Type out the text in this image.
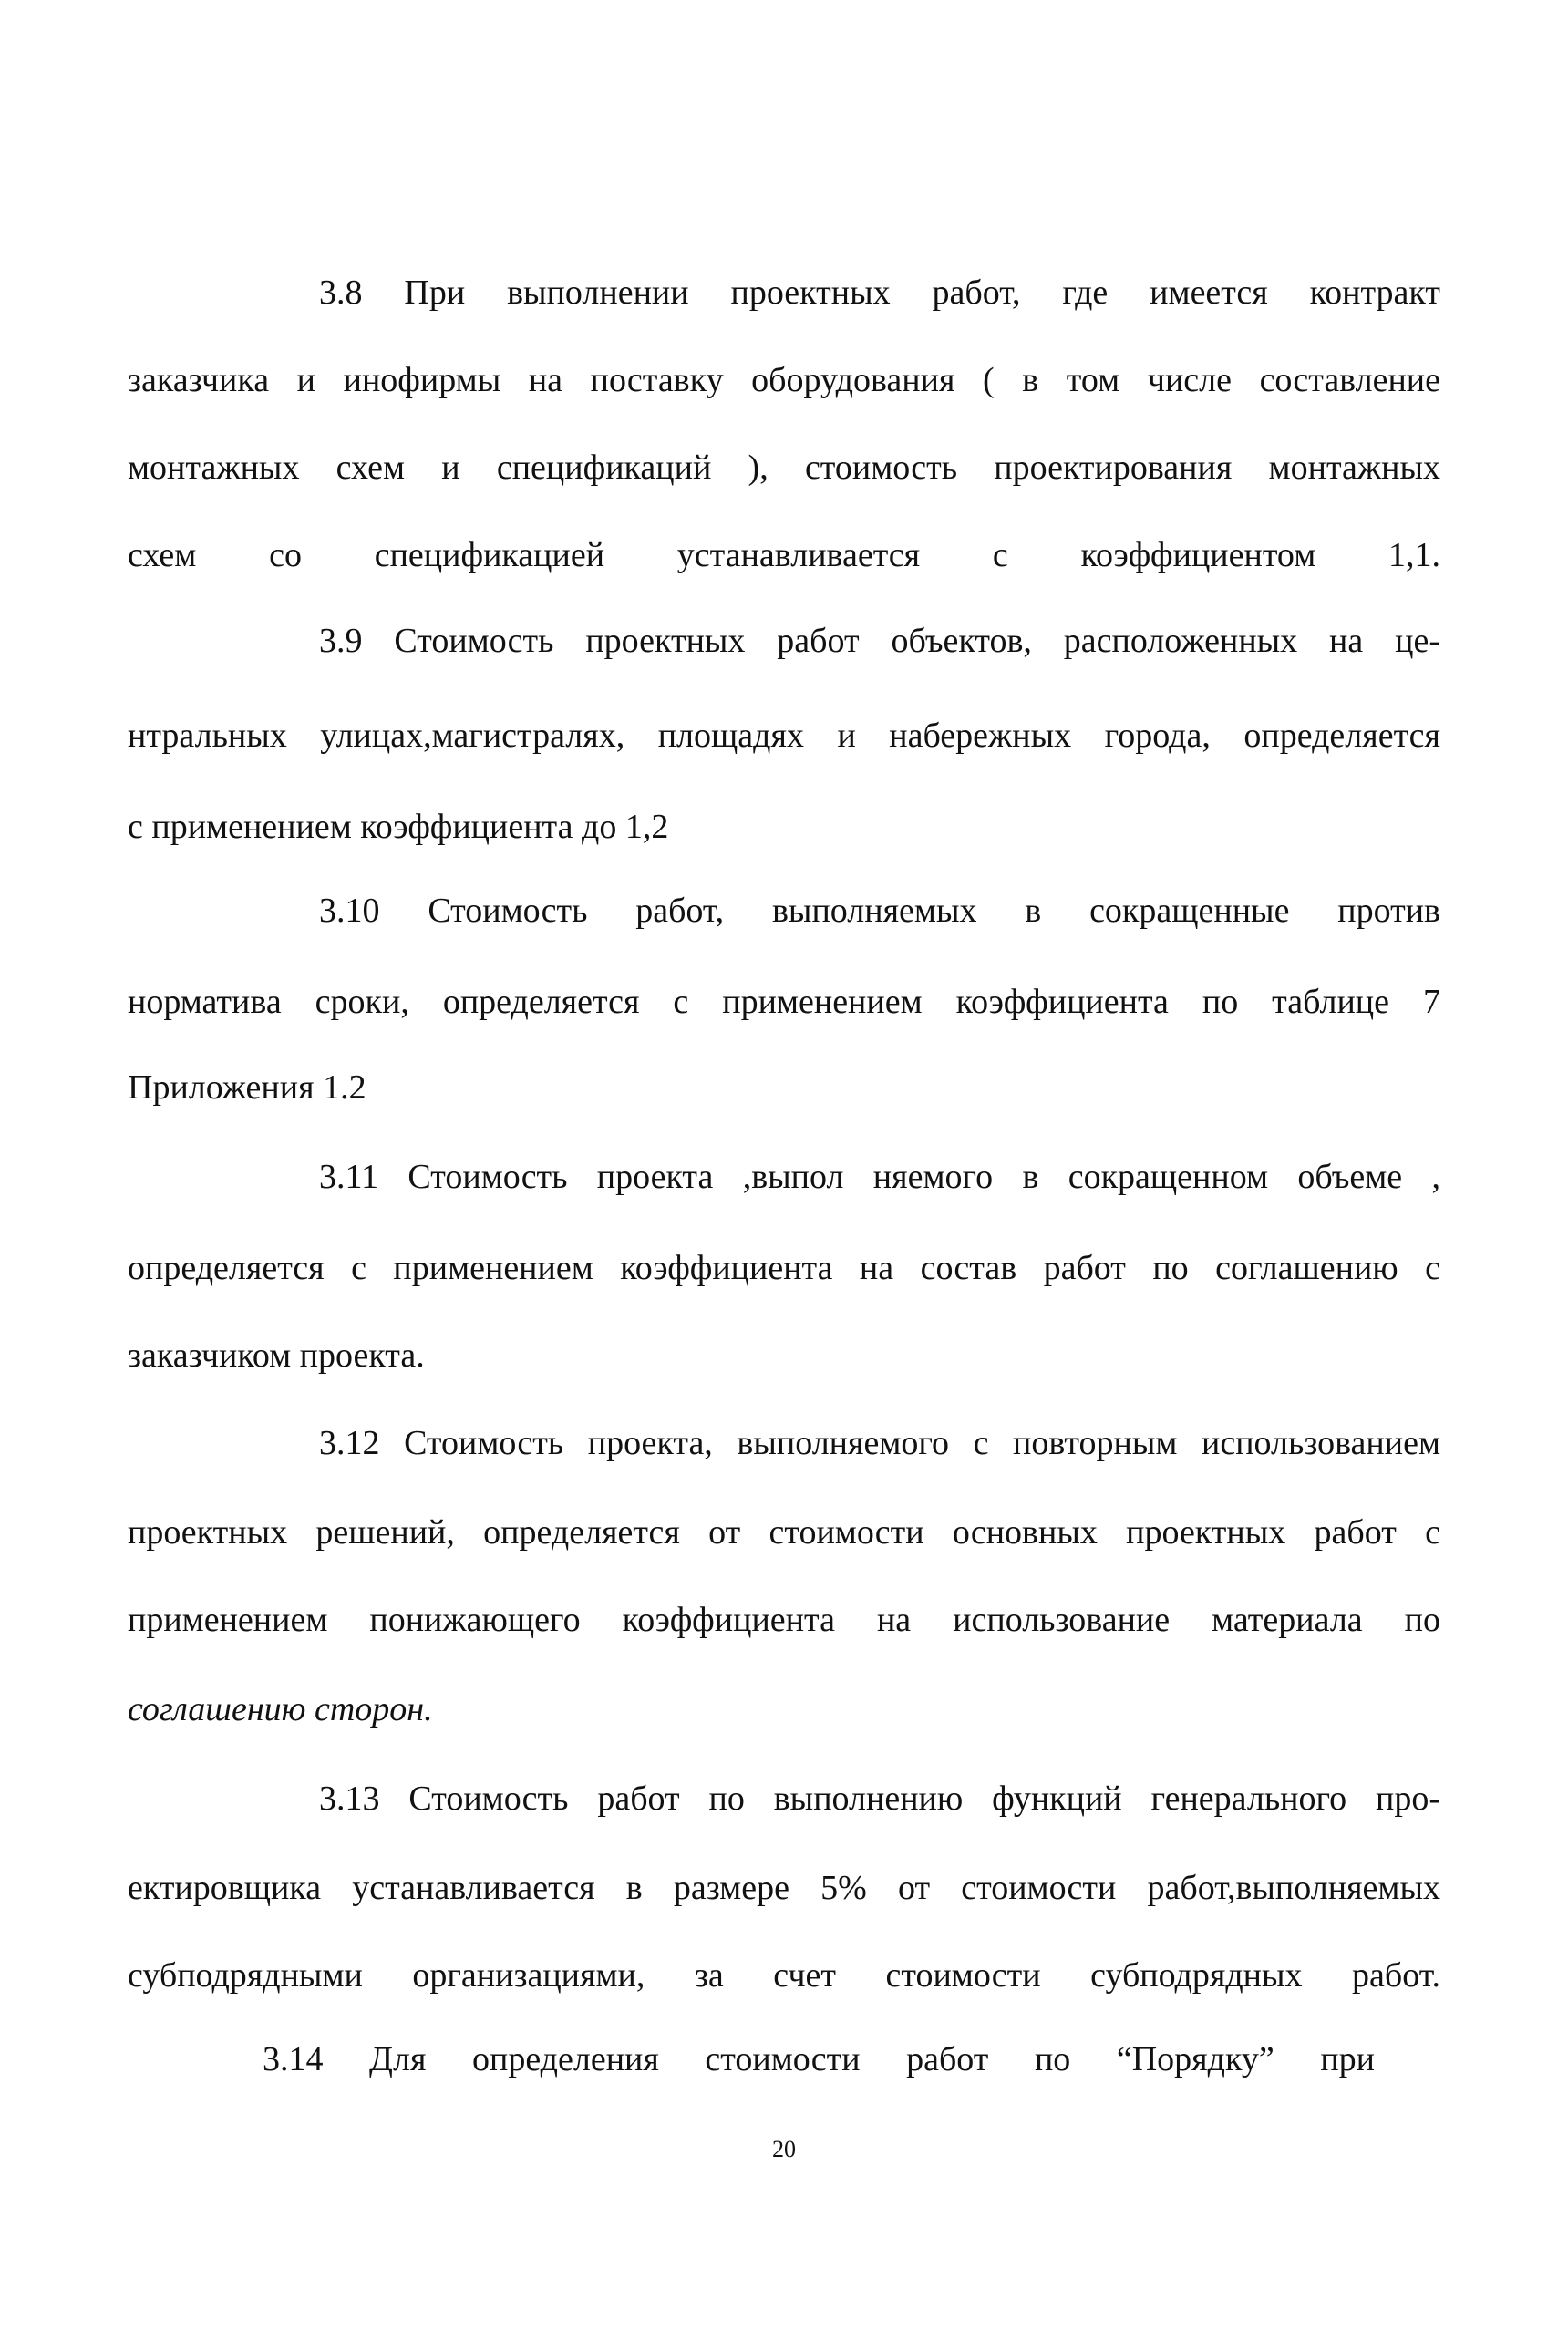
3.8 При выполнении проектных работ, где имеется контракт
заказчика и инофирмы на поставку оборудования ( в том числе составление
монтажных схем и спецификаций ), стоимость проектирования монтажных
схем со спецификацией устанавливается с коэффициентом 1,1.
3.9 Стоимость проектных работ объектов, расположенных на це-
нтральных улицах,магистралях, площадях и набережных города, определяется
с применением коэффициента до 1,2
3.10 Стоимость работ, выполняемых в сокращенные против
норматива сроки, определяется с применением коэффициента по таблице 7
Приложения 1.2
3.11 Стоимость проекта ,выпол няемого в сокращенном объеме ,
определяется с применением коэффициента на состав работ по соглашению с
заказчиком проекта.
3.12 Стоимость проекта, выполняемого с повторным использованием
проектных решений, определяется от стоимости основных проектных работ с
применением понижающего коэффициента на использование материала по
соглашению сторон.
3.13 Стоимость работ по выполнению функций генерального про-
ектировщика устанавливается в размере 5% от стоимости работ,выполняемых
субподрядными организациями, за счет стоимости субподрядных работ.
3.14 Для определения стоимости работ по “Порядку” при
20
